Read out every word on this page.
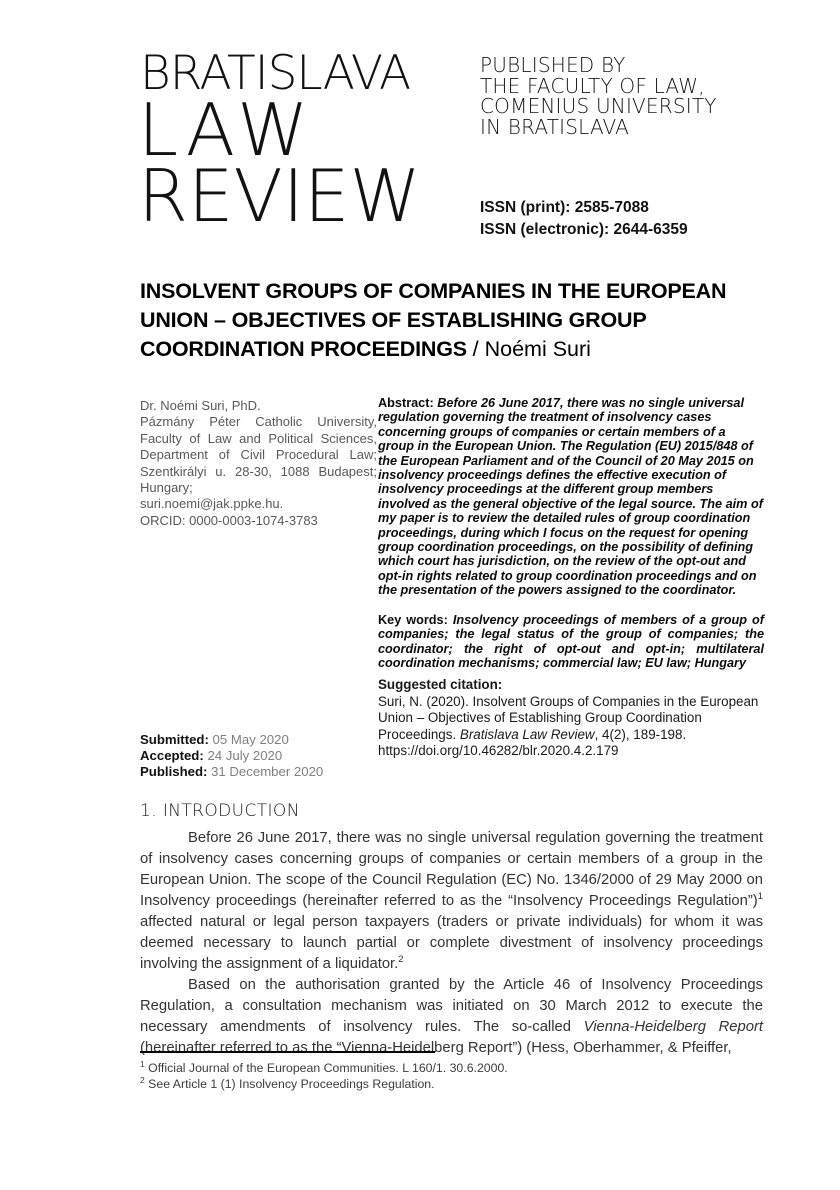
BRATISLAVA
LAW
REVIEW
PUBLISHED BY
THE FACULTY OF LAW,
COMENIUS UNIVERSITY
IN BRATISLAVA
ISSN (print): 2585-7088
ISSN (electronic): 2644-6359
INSOLVENT GROUPS OF COMPANIES IN THE EUROPEAN UNION – OBJECTIVES OF ESTABLISHING GROUP COORDINATION PROCEEDINGS / Noémi Suri
Dr. Noémi Suri, PhD.

Pázmány Péter Catholic University, Faculty of Law and Political Sciences, Department of Civil Procedural Law; Szentkirályi u. 28-30, 1088 Budapest; Hungary;

suri.noemi@jak.ppke.hu.
ORCID: 0000-0003-1074-3783
Submitted: 05 May 2020
Accepted: 24 July 2020
Published: 31 December 2020

Abstract: Before 26 June 2017, there was no single universal regulation governing the treatment of insolvency cases concerning groups of companies or certain members of a group in the European Union. The Regulation (EU) 2015/848 of the European Parliament and of the Council of 20 May 2015 on insolvency proceedings defines the effective execution of insolvency proceedings at the different group members involved as the general objective of the legal source. The aim of my paper is to review the detailed rules of group coordination proceedings, during which I focus on the request for opening group coordination proceedings, on the possibility of defining which court has jurisdiction, on the review of the opt-out and opt-in rights related to group coordination proceedings and on the presentation of the powers assigned to the coordinator.

Key words: Insolvency proceedings of members of a group of companies; the legal status of the group of companies; the coordinator; the right of opt-out and opt-in; multilateral coordination mechanisms; commercial law; EU law; Hungary

Suggested citation:
Suri, N. (2020). Insolvent Groups of Companies in the European Union – Objectives of Establishing Group Coordination Proceedings. Bratislava Law Review, 4(2), 189-198.
https://doi.org/10.46282/blr.2020.4.2.179
1. INTRODUCTION

Before 26 June 2017, there was no single universal regulation governing the treatment of insolvency cases concerning groups of companies or certain members of a group in the European Union. The scope of the Council Regulation (EC) No. 1346/2000 of 29 May 2000 on Insolvency proceedings (hereinafter referred to as the “Insolvency Proceedings Regulation”)$^1$ affected natural or legal person taxpayers (traders or private individuals) for whom it was deemed necessary to launch partial or complete divestment of insolvency proceedings involving the assignment of a liquidator.$^2$

Based on the authorisation granted by the Article 46 of Insolvency Proceedings Regulation, a consultation mechanism was initiated on 30 March 2012 to execute the necessary amendments of insolvency rules. The so-called Vienna-Heidelberg Report (hereinafter referred to as the “Vienna-Heidelberg Report”) (Hess, Oberhammer, & Pfeiffer,

$^1$ Official Journal of the European Communities. L 160/1. 30.6.2000.
$^2$ See Article 1 (1) Insolvency Proceedings Regulation.
